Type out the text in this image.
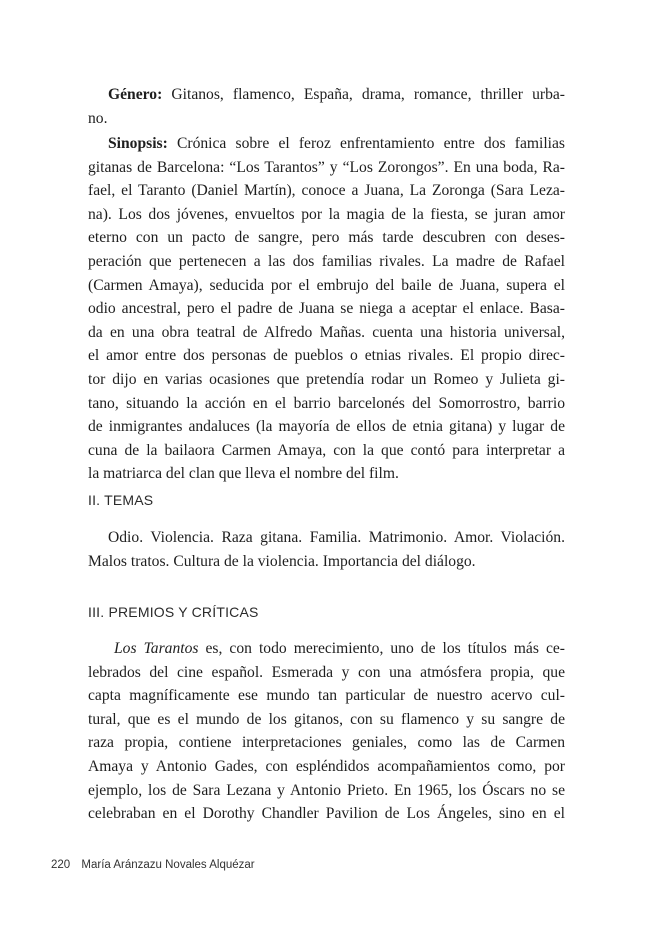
Género: Gitanos, flamenco, España, drama, romance, thriller urba-
no.
Sinopsis: Crónica sobre el feroz enfrentamiento entre dos familias
gitanas de Barcelona: “Los Tarantos” y “Los Zorongos”. En una boda, Ra-
fael, el Taranto (Daniel Martín), conoce a Juana, La Zoronga (Sara Leza-
na). Los dos jóvenes, envueltos por la magia de la fiesta, se juran amor
eterno con un pacto de sangre, pero más tarde descubren con deses-
peración que pertenecen a las dos familias rivales. La madre de Rafael
(Carmen Amaya), seducida por el embrujo del baile de Juana, supera el
odio ancestral, pero el padre de Juana se niega a aceptar el enlace. Basa-
da en una obra teatral de Alfredo Mañas. cuenta una historia universal,
el amor entre dos personas de pueblos o etnias rivales. El propio direc-
tor dijo en varias ocasiones que pretendía rodar un Romeo y Julieta gi-
tano, situando la acción en el barrio barcelonés del Somorrostro, barrio
de inmigrantes andaluces (la mayoría de ellos de etnia gitana) y lugar de
cuna de la bailaora Carmen Amaya, con la que contó para interpretar a
la matriarca del clan que lleva el nombre del film.
II. TEMAS
Odio. Violencia. Raza gitana. Familia. Matrimonio. Amor. Violación.
Malos tratos. Cultura de la violencia. Importancia del diálogo.
III. PREMIOS Y CRÍTICAS
Los Tarantos es, con todo merecimiento, uno de los títulos más ce-
lebrados del cine español. Esmerada y con una atmósfera propia, que
capta magníficamente ese mundo tan particular de nuestro acervo cul-
tural, que es el mundo de los gitanos, con su flamenco y su sangre de
raza propia, contiene interpretaciones geniales, como las de Carmen
Amaya y Antonio Gades, con espléndidos acompañamientos como, por
ejemplo, los de Sara Lezana y Antonio Prieto. En 1965, los Óscars no se
celebraban en el Dorothy Chandler Pavilion de Los Ángeles, sino en el
220 María Aránzazu Novales Alquézar
